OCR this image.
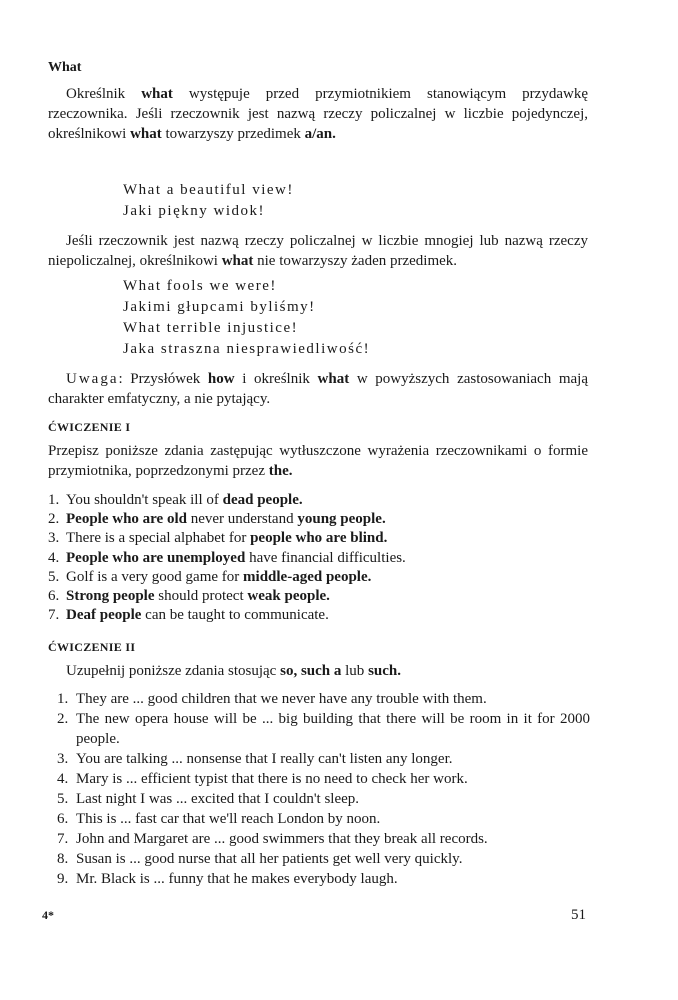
What
Określnik what występuje przed przymiotnikiem stanowiącym przydawkę rzeczownika. Jeśli rzeczownik jest nazwą rzeczy policzalnej w liczbie pojedynczej, określnikowi what towarzyszy przedimek a/an.
What a beautiful view!
Jaki piękny widok!
Jeśli rzeczownik jest nazwą rzeczy policzalnej w liczbie mnogiej lub nazwą rzeczy niepoliczalnej, określnikowi what nie towarzyszy żaden przedimek.
What fools we were!
Jakimi głupcami byliśmy!
What terrible injustice!
Jaka straszna niesprawiedliwość!
Uwaga: Przysłówek how i określnik what w powyższych zastosowaniach mają charakter emfatyczny, a nie pytający.
ĆWICZENIE I
Przepisz poniższe zdania zastępując wytłuszczone wyrażenia rzeczownikami o formie przymiotnika, poprzedzonymi przez the.
1. You shouldn't speak ill of dead people.
2. People who are old never understand young people.
3. There is a special alphabet for people who are blind.
4. People who are unemployed have financial difficulties.
5. Golf is a very good game for middle-aged people.
6. Strong people should protect weak people.
7. Deaf people can be taught to communicate.
ĆWICZENIE II
Uzupełnij poniższe zdania stosując so, such a lub such.
1. They are ... good children that we never have any trouble with them.
2. The new opera house will be ... big building that there will be room in it for 2000 people.
3. You are talking ... nonsense that I really can't listen any longer.
4. Mary is ... efficient typist that there is no need to check her work.
5. Last night I was ... excited that I couldn't sleep.
6. This is ... fast car that we'll reach London by noon.
7. John and Margaret are ... good swimmers that they break all records.
8. Susan is ... good nurse that all her patients get well very quickly.
9. Mr. Black is ... funny that he makes everybody laugh.
4*	51
